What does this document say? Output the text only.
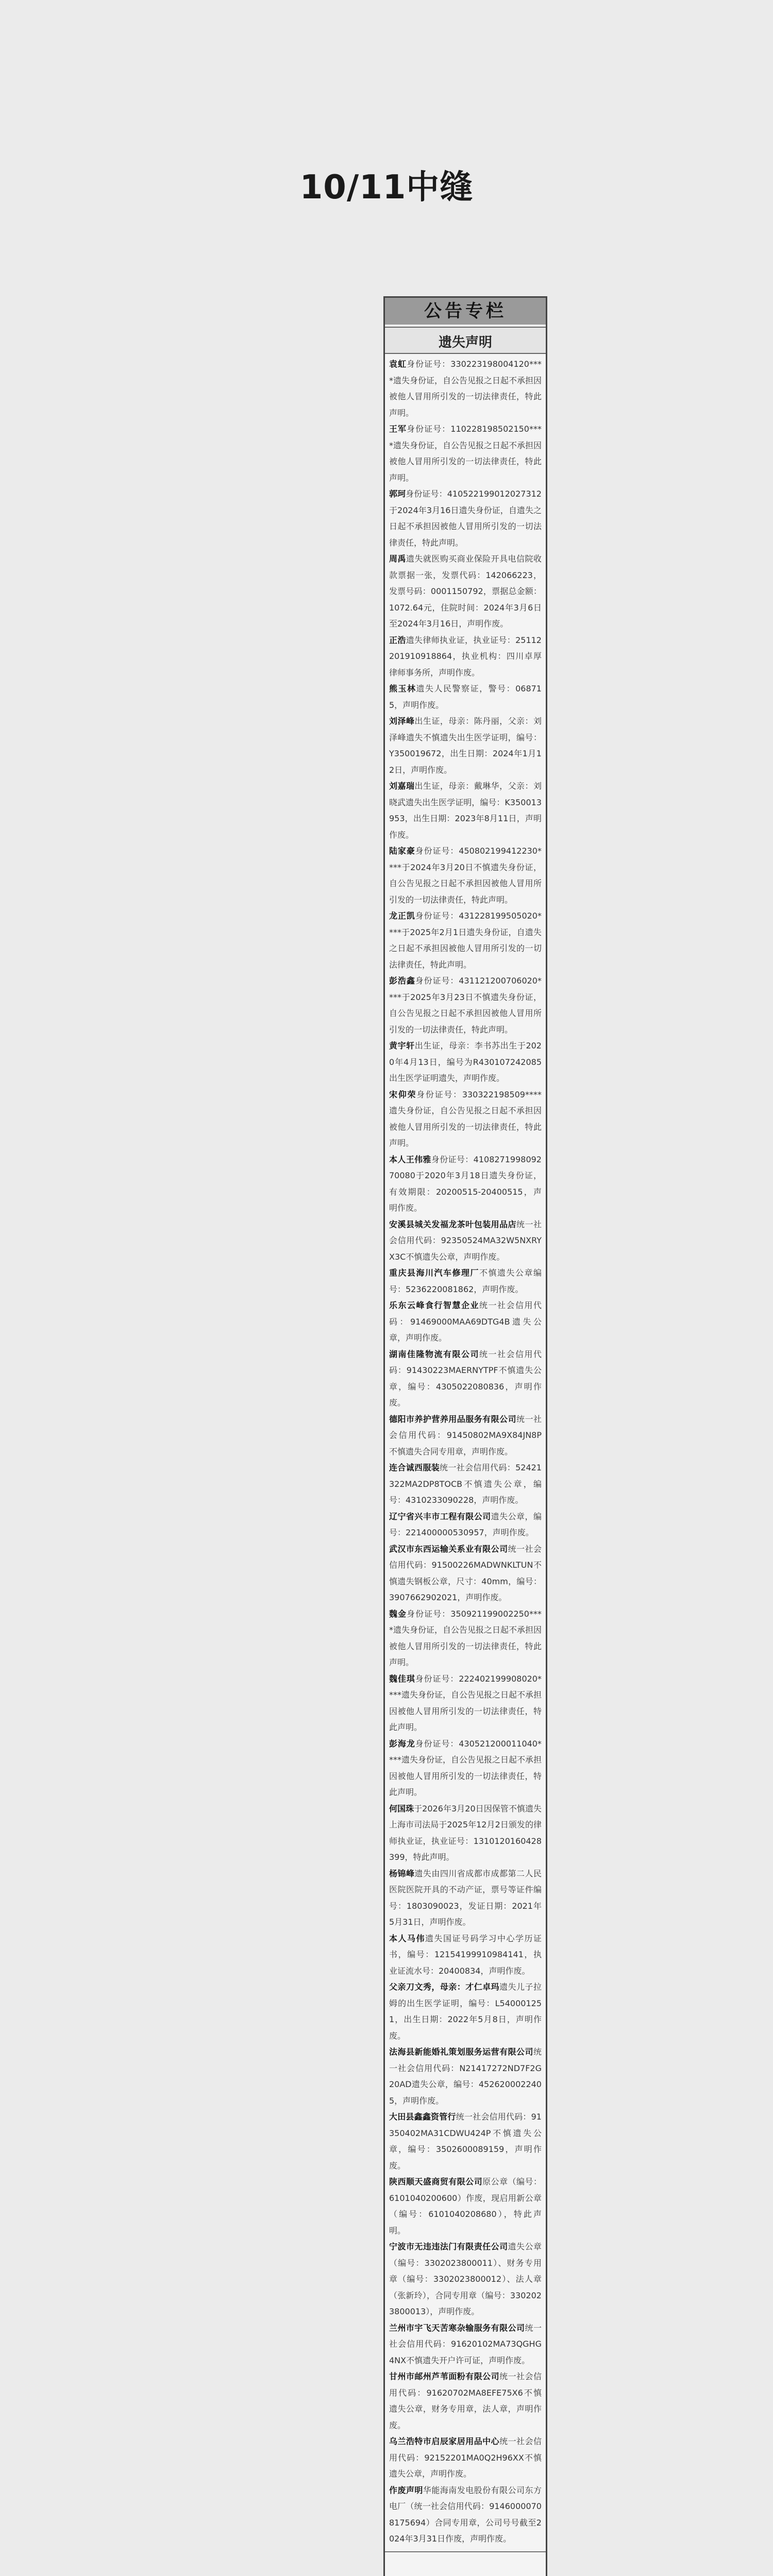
10/11中缝
公告专栏
遗失声明

袁虹身份证号：330223198004120****遗失身份证，自公告见报之日起不承担因被他人冒用所引发的一切法律责任，特此声明。

王军身份证号：110228198502150****遗失身份证，自公告见报之日起不承担因被他人冒用所引发的一切法律责任，特此声明。

郭珂身份证号：410522199012027312于2024年3月16日遗失身份证，自遗失之日起不承担因被他人冒用所引发的一切法律责任，特此声明。

周禹遗失就医购买商业保险开具电信院收款票据一张，发票代码：142066223，发票号码：0001150792，票据总金额：1072.64元，住院时间：2024年3月6日至2024年3月16日，声明作废。

正浩遗失律师执业证，执业证号：25112201910918864，执业机构：四川卓厚律师事务所，声明作废。

熊玉林遗失人民警察证，警号：068715，声明作废。

刘泽峰出生证，母亲：陈丹丽，父亲：刘泽峰遗失不慎遗失出生医学证明，编号：Y350019672，出生日期：2024年1月12日，声明作废。

刘嘉瑞出生证，母亲：戴琳华，父亲：刘晓武遗失出生医学证明，编号：K350013953，出生日期：2023年8月11日，声明作废。

陆家豪身份证号：450802199412230****于2024年3月20日不慎遗失身份证，自公告见报之日起不承担因被他人冒用所引发的一切法律责任，特此声明。

龙正凯身份证号：431228199505020****于2025年2月1日遗失身份证，自遗失之日起不承担因被他人冒用所引发的一切法律责任，特此声明。

彭浩鑫身份证号：431121200706020****于2025年3月23日不慎遗失身份证，自公告见报之日起不承担因被他人冒用所引发的一切法律责任，特此声明。

黄宇轩出生证，母亲：李书苏出生于2020年4月13日，编号为R430107242085出生医学证明遗失，声明作废。

宋仰荣身份证号：330322198509****遗失身份证，自公告见报之日起不承担因被他人冒用所引发的一切法律责任，特此声明。

本人王伟雅身份证号：410827199809270080于2020年3月18日遗失身份证，有效期限：20200515-20400515，声明作废。

安溪县城关发福龙茶叶包装用品店统一社会信用代码：92350524MA32W5NXRYX3C不慎遗失公章，声明作废。

重庆县海川汽车修理厂不慎遗失公章编号：5236220081862，声明作废。

乐东云峰食行智慧企业统一社会信用代码：91469000MAA69DTG4B遗失公章，声明作废。

湖南佳隆物流有限公司统一社会信用代码：91430223MAERNYTPF不慎遗失公章，编号：4305022080836，声明作废。

德阳市养护营养用品服务有限公司统一社会信用代码：91450802MA9X84JN8P不慎遗失合同专用章，声明作废。

连合诚西服装统一社会信用代码：52421322MA2DP8TOCB不慎遗失公章，编号：4310233090228，声明作废。

辽宁省兴丰市工程有限公司遗失公章，编号：221400000530957，声明作废。

武汉市东西运输关系业有限公司统一社会信用代码：91500226MADWNKLTUN不慎遗失钢板公章，尺寸：40mm，编号：3907662902021，声明作废。

魏金身份证号：350921199002250****遗失身份证，自公告见报之日起不承担因被他人冒用所引发的一切法律责任，特此声明。

魏佳琪身份证号：222402199908020****遗失身份证，自公告见报之日起不承担因被他人冒用所引发的一切法律责任，特此声明。

彭海龙身份证号：430521200011040****遗失身份证，自公告见报之日起不承担因被他人冒用所引发的一切法律责任，特此声明。

何国珠于2026年3月20日因保管不慎遗失上海市司法局于2025年12月2日颁发的律师执业证，执业证号：1310120160428399，特此声明。

杨锦峰遗失由四川省成都市成都第二人民医院医院开具的不动产证，票号等证件编号：1803090023，发证日期：2021年5月31日，声明作废。

本人马伟遗失国证号码学习中心学历证书，编号：12154199910984141，执业证流水号：20400834，声明作废。

父亲刀文秀，母亲：才仁卓玛遗失儿子拉姆的出生医学证明，编号：L540001251，出生日期：2022年5月8日，声明作废。

法海县新能婚礼策划服务运营有限公司统一社会信用代码：N21417272ND7F2G20AD遗失公章，编号：4526200022405，声明作废。

大田县鑫鑫资管行统一社会信用代码：91350402MA31CDWU424P不慎遗失公章，编号：3502600089159，声明作废。

陕西顺天盛商贸有限公司原公章（编号：6101040200600）作废，现启用新公章（编号：6101040208680），特此声明。

宁波市无违违法门有限责任公司遗失公章（编号：3302023800011）、财务专用章（编号：3302023800012）、法人章（张新玲），合同专用章（编号：3302023800013），声明作废。

兰州市宇飞天苦寒杂输服务有限公司统一社会信用代码：91620102MA73QGHG4NX不慎遗失开户许可证，声明作废。

甘州市邮州芦苇面粉有限公司统一社会信用代码：91620702MA8EFE75X6不慎遗失公章，财务专用章，法人章，声明作废。

乌兰浩特市启辰家居用品中心统一社会信用代码：92152201MA0Q2H96XX不慎遗失公章，声明作废。

作废声明华能海南发电股份有限公司东方电厂（统一社会信用代码：91460000708175694）合同专用章，公司号号截至2024年3月31日作废，声明作废。
